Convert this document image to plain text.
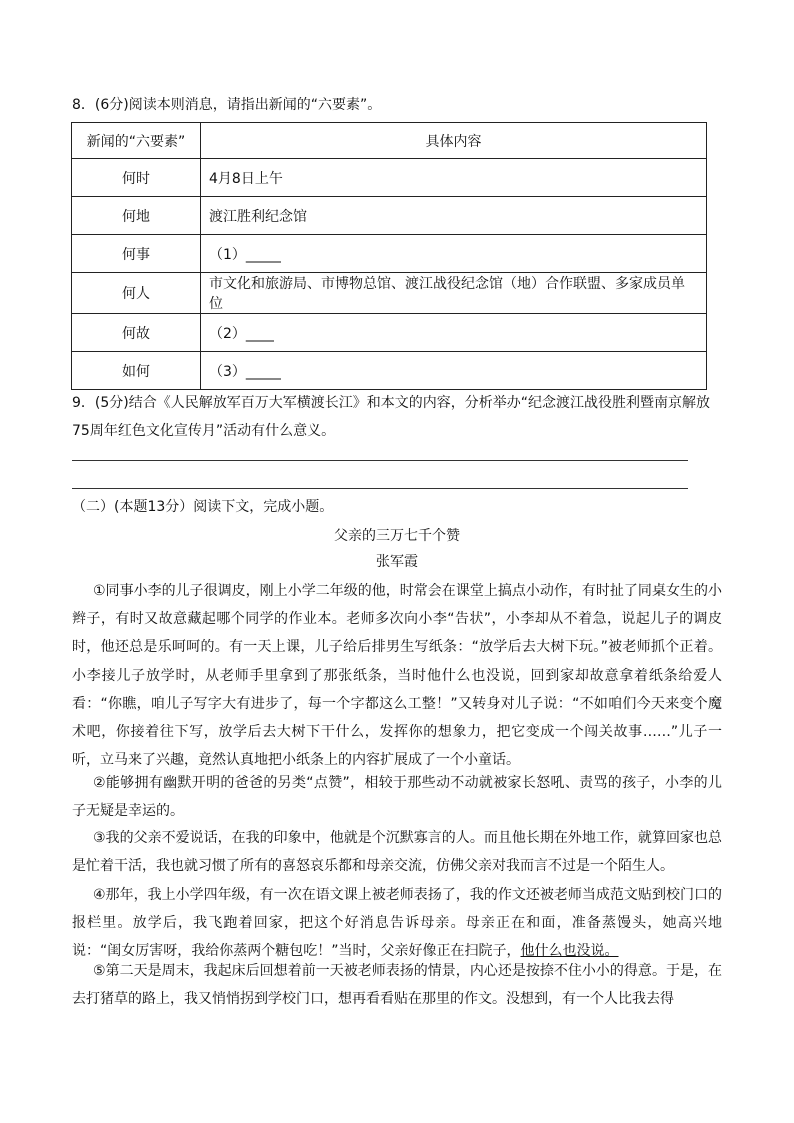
8．(6分)阅读本则消息，请指出新闻的“六要素”。
新闻的“六要素”	具体内容
何时	4月8日上午
何地	渡江胜利纪念馆
何事	（1）_____
何人	市文化和旅游局、市博物总馆、渡江战役纪念馆（地）合作联盟、多家成员单位
何故	（2）____
如何	（3）_____
9．(5分)结合《人民解放军百万大军横渡长江》和本文的内容，分析举办“纪念渡江战役胜利暨南京解放
75周年红色文化宣传月”活动有什么意义。
（二）(本题13分）阅读下文，完成小题。
父亲的三万七千个赞
张军霞
①同事小李的儿子很调皮，刚上小学二年级的他，时常会在课堂上搞点小动作，有时扯了同桌女生的小辫子，有时又故意藏起哪个同学的作业本。老师多次向小李“告状”，小李却从不着急，说起儿子的调皮时，他还总是乐呵呵的。有一天上课，儿子给后排男生写纸条：“放学后去大树下玩。”被老师抓个正着。小李接儿子放学时，从老师手里拿到了那张纸条，当时他什么也没说，回到家却故意拿着纸条给爱人看：“你瞧，咱儿子写字大有进步了，每一个字都这么工整！”又转身对儿子说：“不如咱们今天来变个魔术吧，你接着往下写，放学后去大树下干什么，发挥你的想象力，把它变成一个闯关故事……”儿子一听，立马来了兴趣，竟然认真地把小纸条上的内容扩展成了一个小童话。
②能够拥有幽默开明的爸爸的另类“点赞”，相较于那些动不动就被家长怒吼、责骂的孩子，小李的儿子无疑是幸运的。
③我的父亲不爱说话，在我的印象中，他就是个沉默寡言的人。而且他长期在外地工作，就算回家也总是忙着干活，我也就习惯了所有的喜怒哀乐都和母亲交流，仿佛父亲对我而言不过是一个陌生人。
④那年，我上小学四年级，有一次在语文课上被老师表扬了，我的作文还被老师当成范文贴到校门口的报栏里。放学后，我飞跑着回家，把这个好消息告诉母亲。母亲正在和面，准备蒸馒头，她高兴地说：“闺女厉害呀，我给你蒸两个糖包吃！”当时，父亲好像正在扫院子，他什么也没说。
⑤第二天是周末，我起床后回想着前一天被老师表扬的情景，内心还是按捺不住小小的得意。于是，在去打猪草的路上，我又悄悄拐到学校门口，想再看看贴在那里的作文。没想到，有一个人比我去得
